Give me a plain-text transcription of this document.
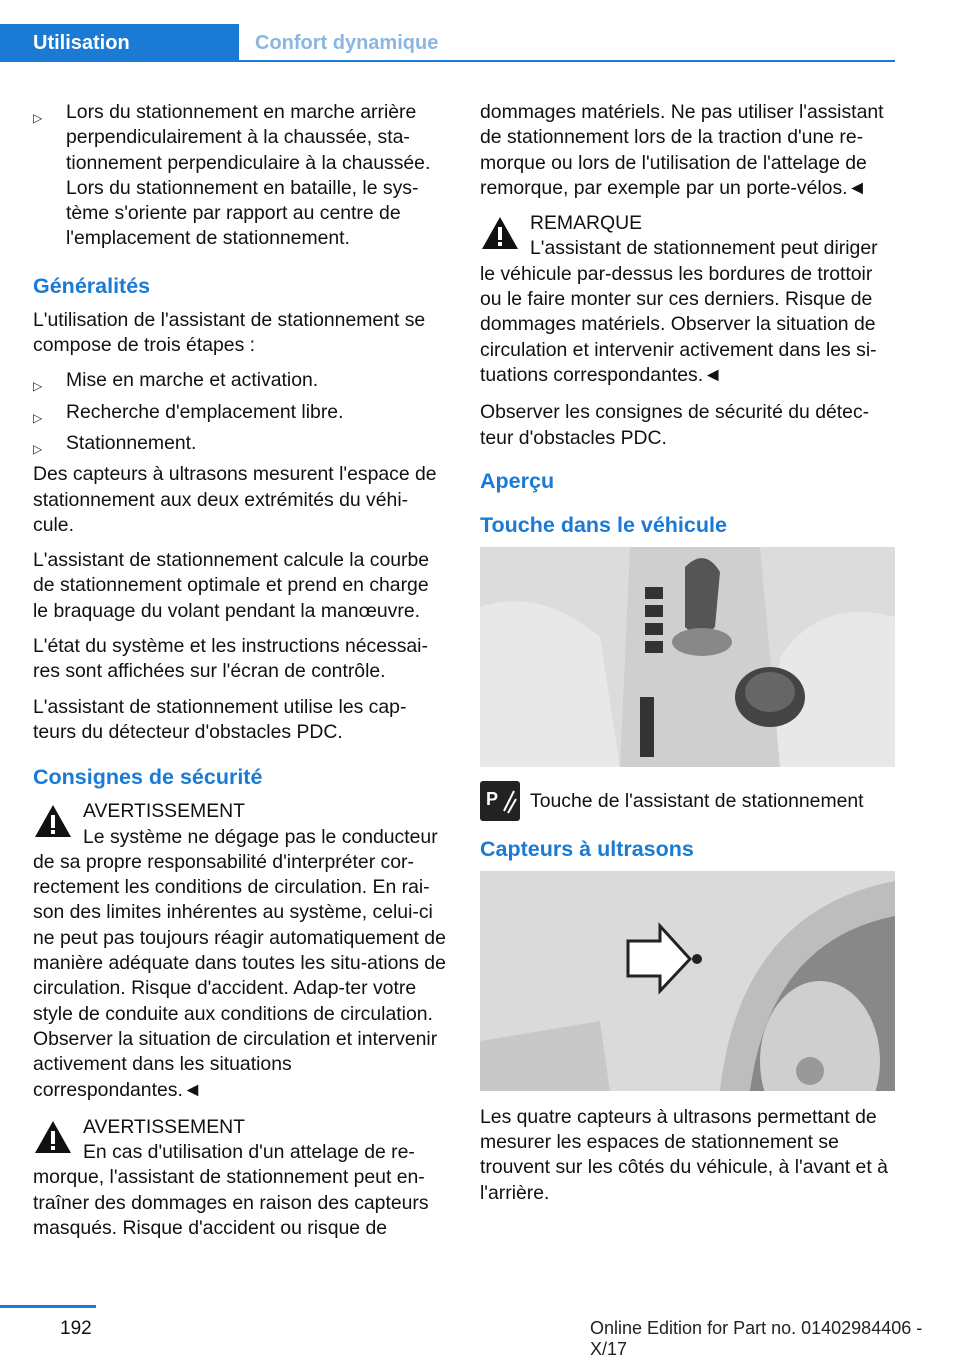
Utilisation	Confort dynamique
▷ Lors du stationnement en marche arrière perpendiculairement à la chaussée, sta-tionnement perpendiculaire à la chaussée. Lors du stationnement en bataille, le sys-tème s'oriente par rapport au centre de l'emplacement de stationnement.
Généralités

L'utilisation de l'assistant de stationnement se compose de trois étapes :

▷ Mise en marche et activation.
▷ Recherche d'emplacement libre.
▷ Stationnement.

Des capteurs à ultrasons mesurent l'espace de stationnement aux deux extrémités du véhi-cule.

L'assistant de stationnement calcule la courbe de stationnement optimale et prend en charge le braquage du volant pendant la manœuvre.

L'état du système et les instructions nécessai-res sont affichées sur l'écran de contrôle.

L'assistant de stationnement utilise les cap-teurs du détecteur d'obstacles PDC.

Consignes de sécurité
AVERTISSEMENT
Le système ne dégage pas le conducteur de sa propre responsabilité d'interpréter cor-rectement les conditions de circulation. En rai-son des limites inhérentes au système, celui-ci ne peut pas toujours réagir automatiquement de manière adéquate dans toutes les situ-ations de circulation. Risque d'accident. Adap-ter votre style de conduite aux conditions de circulation. Observer la situation de circulation et intervenir activement dans les situations correspondantes.◄
AVERTISSEMENT
En cas d'utilisation d'un attelage de re-morque, l'assistant de stationnement peut en-traîner des dommages en raison des capteurs masqués. Risque d'accident ou risque de

dommages matériels. Ne pas utiliser l'assistant de stationnement lors de la traction d'une re-morque ou lors de l'utilisation de l'attelage de remorque, par exemple par un porte-vélos.◄

REMARQUE
L'assistant de stationnement peut diriger le véhicule par-dessus les bordures de trottoir ou le faire monter sur ces derniers. Risque de dommages matériels. Observer la situation de circulation et intervenir activement dans les si-tuations correspondantes.◄

Observer les consignes de sécurité du détec-teur d'obstacles PDC.

Aperçu
Touche dans le véhicule
P Touche de l'assistant de stationnement
Capteurs à ultrasons

Les quatre capteurs à ultrasons permettant de mesurer les espaces de stationnement se trouvent sur les côtés du véhicule, à l'avant et à l'arrière.

192	Online Edition for Part no. 01402984406 - X/17
